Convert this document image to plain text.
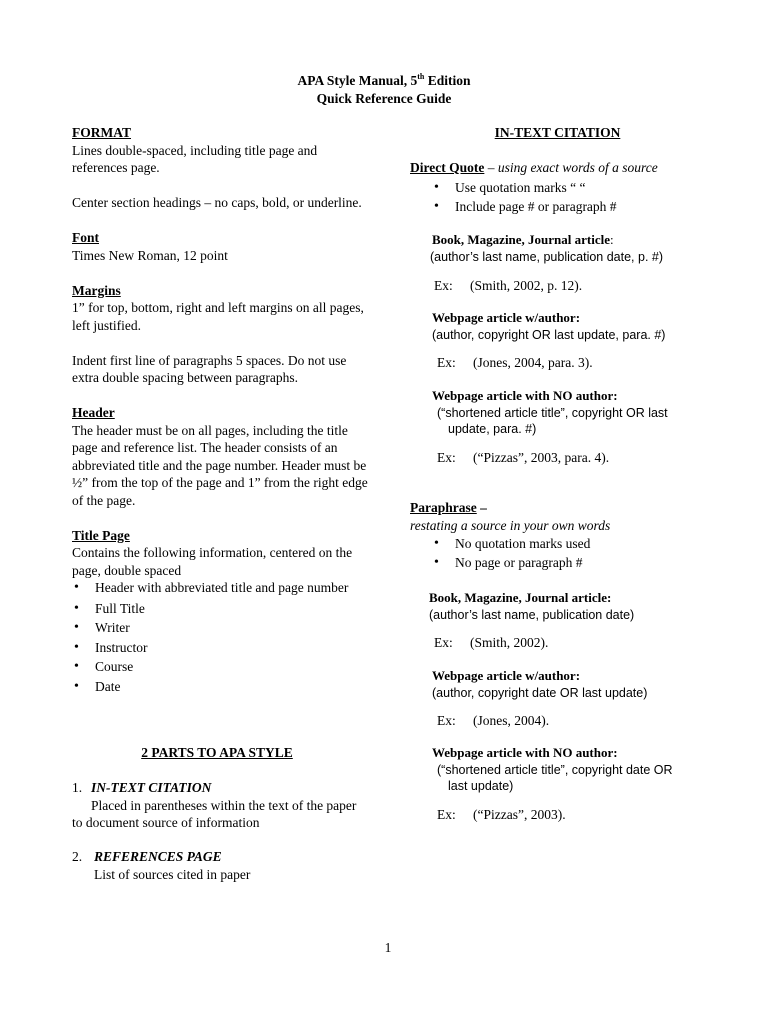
APA Style Manual, 5th Edition
Quick Reference Guide
FORMAT
Lines double-spaced, including title page and references page.
Center section headings – no caps, bold, or underline.
Font
Times New Roman, 12 point
Margins
1” for top, bottom, right and left margins on all pages, left justified.
Indent first line of paragraphs 5 spaces. Do not use extra double spacing between paragraphs.
Header
The header must be on all pages, including the title page and reference list. The header consists of an abbreviated title and the page number. Header must be ½” from the top of the page and 1” from the right edge of the page.
Title Page
Contains the following information, centered on the page, double spaced
• Header with abbreviated title and page number
• Full Title
• Writer
• Instructor
• Course
• Date
2 PARTS TO APA STYLE
1. IN-TEXT CITATION
Placed in parentheses within the text of the paper to document source of information
2. REFERENCES PAGE
List of sources cited in paper
IN-TEXT CITATION
Direct Quote – using exact words of a source
• Use quotation marks “ “
• Include page # or paragraph #
Book, Magazine, Journal article:
(author’s last name, publication date, p. #)
Ex: (Smith, 2002, p. 12).
Webpage article w/author:
(author, copyright OR last update, para. #)
Ex: (Jones, 2004, para. 3).
Webpage article with NO author:
(“shortened article title”, copyright OR last
update, para. #)
Ex: (“Pizzas”, 2003, para. 4).
Paraphrase –
restating a source in your own words
• No quotation marks used
• No page or paragraph #
Book, Magazine, Journal article:
(author’s last name, publication date)
Ex: (Smith, 2002).
Webpage article w/author:
(author, copyright date OR last update)
Ex: (Jones, 2004).
Webpage article with NO author:
(“shortened article title”, copyright date OR
last update)
Ex: (“Pizzas”, 2003).
1
